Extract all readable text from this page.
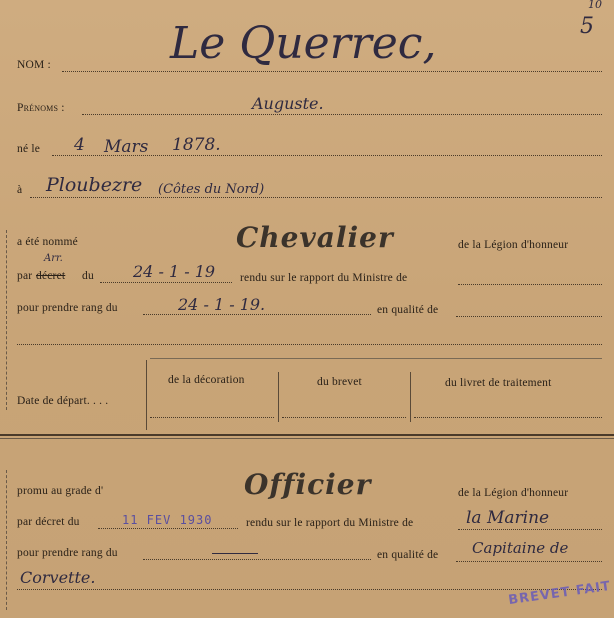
10
5
NOM :	Le Querrec,
Prénoms :	Auguste.
né le 4 Mars 1878.
à Ploubezre (Côtes du Nord)
a été nommé	Chevalier	de la Légion d'honneur
par décret
Arr.
du 24 - 1 - 19 rendu sur le rapport du Ministre de
pour prendre rang du	24 - 1 - 19.	en qualité de
Date de départ. . . .
de la décoration	du brevet	du livret de traitement
promu au grade d'	Officier	de la Légion d'honneur
par décret du	11 FEV 1930	rendu sur le rapport du Ministre de	la Marine
pour prendre rang du	en qualité de Capitaine de
Corvette.
BREVET FAIT
